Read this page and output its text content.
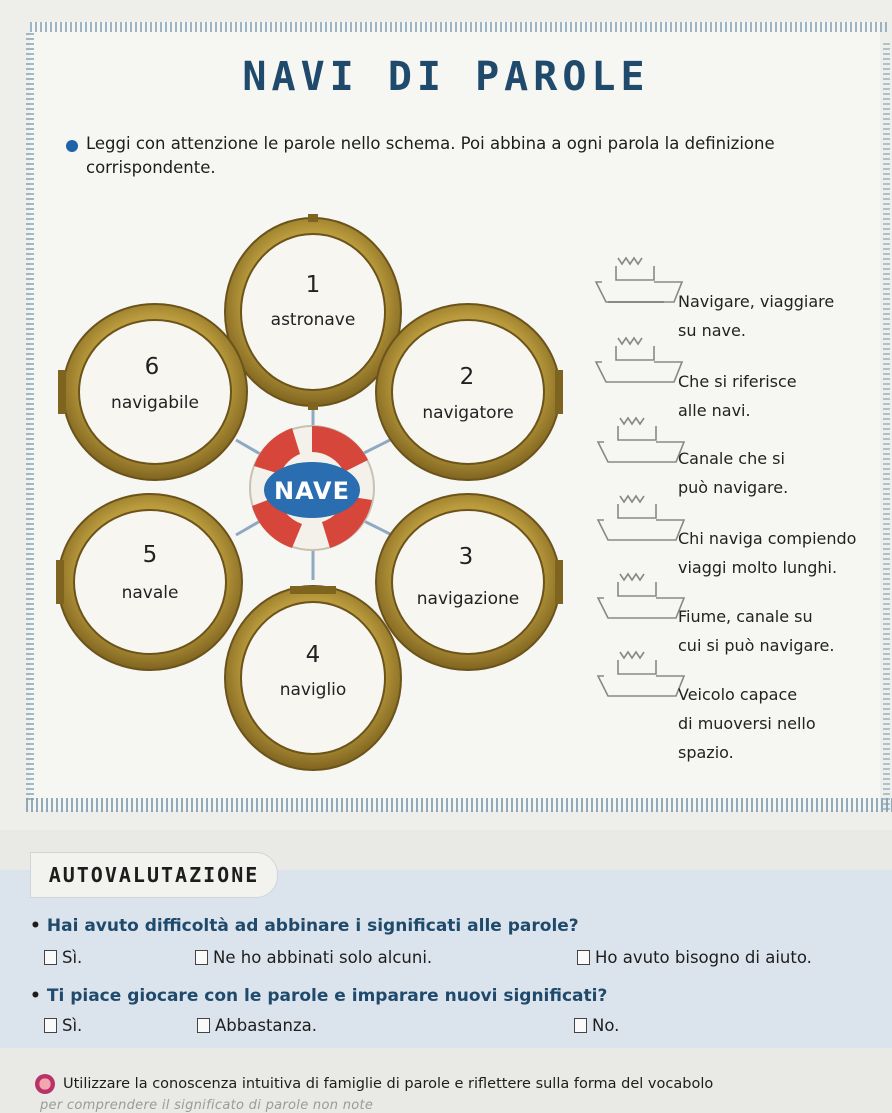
NAVI DI PAROLE
Leggi con attenzione le parole nello schema. Poi abbina a ogni parola la definizione corrispondente.
1
astronave
6
navigabile
2
navigatore
5
navale
3
navigazione
4
naviglio
NAVE
Navigare, viaggiare
su nave.
Che si riferisce
alle navi.
Canale che si
può navigare.
Chi naviga compiendo
viaggi molto lunghi.
Fiume, canale su
cui si può navigare.
Veicolo capace
di muoversi nello
spazio.
AUTOVALUTAZIONE
• Hai avuto difficoltà ad abbinare i significati alle parole?
Sì.	Ne ho abbinati solo alcuni.	Ho avuto bisogno di aiuto.
• Ti piace giocare con le parole e imparare nuovi significati?
Sì.	Abbastanza.	No.
Utilizzare la conoscenza intuitiva di famiglie di parole e riflettere sulla forma del vocabolo
per comprendere il significato di parole non note
